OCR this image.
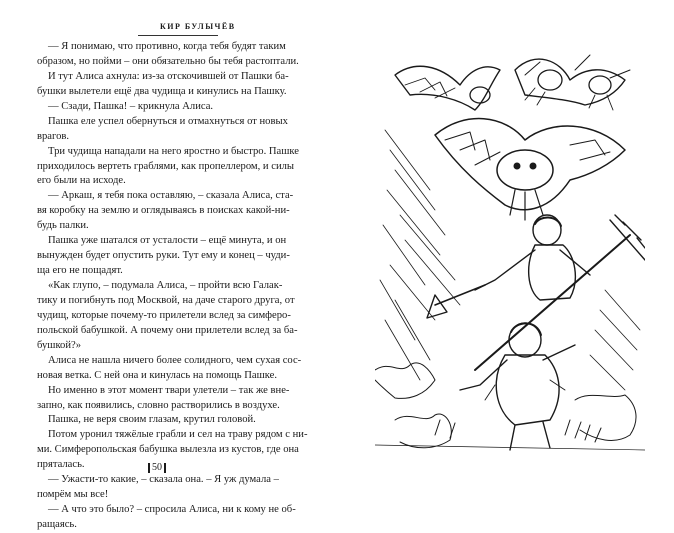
КИР БУЛЫЧЁВ
— Я понимаю, что противно, когда тебя будят таким
образом, но пойми – они обязательно бы тебя растоптали.
И тут Алиса ахнула: из-за отскочившей от Пашки ба-
бушки вылетели ещё два чудища и кинулись на Пашку.
— Сзади, Пашка! – крикнула Алиса.
Пашка еле успел обернуться и отмахнуться от новых
врагов.
Три чудища нападали на него яростно и быстро. Пашке
приходилось вертеть граблями, как пропеллером, и силы
его были на исходе.
— Аркаш, я тебя пока оставляю, – сказала Алиса, ста-
вя коробку на землю и оглядываясь в поисках какой-ни-
будь палки.
Пашка уже шатался от усталости – ещё минута, и он
вынужден будет опустить руки. Тут ему и конец – чуди-
ща его не пощадят.
«Как глупо, – подумала Алиса, – пройти всю Галак-
тику и погибнуть под Москвой, на даче старого друга, от
чудищ, которые почему-то прилетели вслед за симферо-
польской бабушкой. А почему они прилетели вслед за ба-
бушкой?»
Алиса не нашла ничего более солидного, чем сухая сос-
новая ветка. С ней она и кинулась на помощь Пашке.
Но именно в этот момент твари улетели – так же вне-
запно, как появились, словно растворились в воздухе.
Пашка, не веря своим глазам, крутил головой.
Потом уронил тяжёлые грабли и сел на траву рядом с ни-
ми. Симферопольская бабушка вылезла из кустов, где она
пряталась.
— Ужасти-то какие, – сказала она. – Я уж думала –
помрём мы все!
— А что это было? – спросила Алиса, ни к кому не об-
ращаясь.
50
